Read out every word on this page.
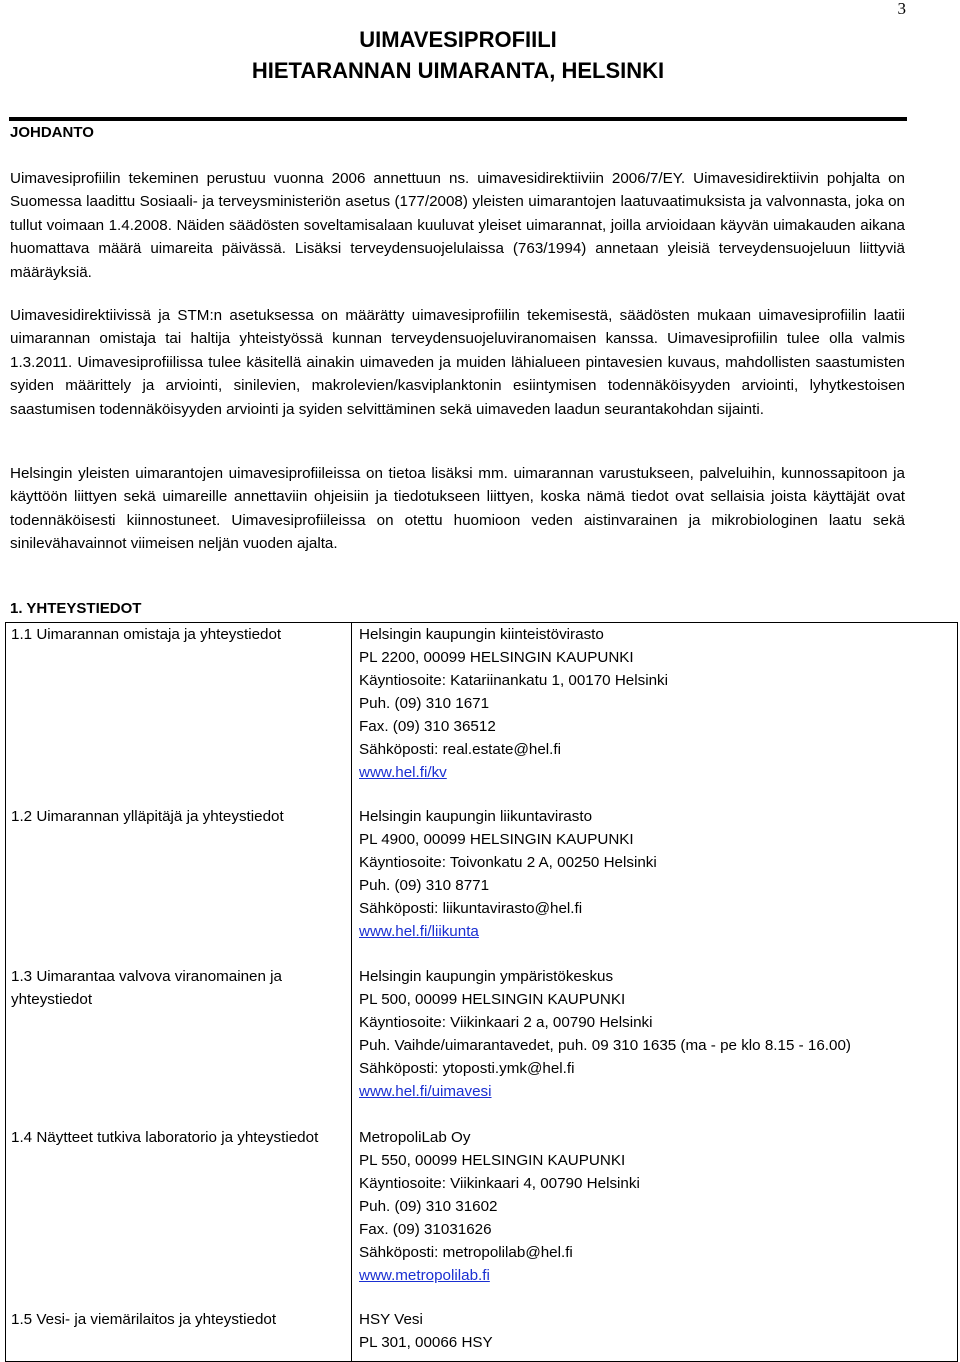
3
UIMAVESIPROFIILI
HIETARANNAN UIMARANTA, HELSINKI
JOHDANTO
Uimavesiprofiilin tekeminen perustuu vuonna 2006 annettuun ns. uimavesidirektiiviin 2006/7/EY. Uimavesidirektiivin pohjalta on Suomessa laadittu Sosiaali- ja terveysministeriön asetus (177/2008) yleisten uimarantojen laatuvaatimuksista ja valvonnasta, joka on tullut voimaan 1.4.2008. Näiden säädösten soveltamisalaan kuuluvat yleiset uimarannat, joilla arvioidaan käyvän uimakauden aikana huomattava määrä uimareita päivässä. Lisäksi terveydensuojelulaissa (763/1994) annetaan yleisiä terveydensuojeluun liittyviä määräyksiä.
Uimavesidirektiivissä ja STM:n asetuksessa on määrätty uimavesiprofiilin tekemisestä, säädösten mukaan uimavesiprofiilin laatii uimarannan omistaja tai haltija yhteistyössä kunnan terveydensuojeluviranomaisen kanssa. Uimavesiprofiilin tulee olla valmis 1.3.2011. Uimavesiprofiilissa tulee käsitellä ainakin uimaveden ja muiden lähialueen pintavesien kuvaus, mahdollisten saastumisten syiden määrittely ja arviointi, sinilevien, makrolevien/kasviplanktonin esiintymisen todennäköisyyden arviointi, lyhytkestoisen saastumisen todennäköisyyden arviointi ja syiden selvittäminen sekä uimaveden laadun seurantakohdan sijainti.
Helsingin yleisten uimarantojen uimavesiprofiileissa on tietoa lisäksi mm. uimarannan varustukseen, palveluihin, kunnossapitoon ja käyttöön liittyen sekä uimareille annettaviin ohjeisiin ja tiedotukseen liittyen, koska nämä tiedot ovat sellaisia joista käyttäjät ovat todennäköisesti kiinnostuneet. Uimavesiprofiileissa on otettu huomioon veden aistinvarainen ja mikrobiologinen laatu sekä sinilevähavainnot viimeisen neljän vuoden ajalta.
1. YHTEYSTIEDOT
1.1 Uimarannan omistaja ja yhteystiedot	Helsingin kaupungin kiinteistövirasto
PL 2200, 00099 HELSINGIN KAUPUNKI
Käyntiosoite: Katariinankatu 1, 00170 Helsinki
Puh. (09) 310 1671
Fax. (09) 310 36512
Sähköposti: real.estate@hel.fi
www.hel.fi/kv
1.2 Uimarannan ylläpitäjä ja yhteystiedot	Helsingin kaupungin liikuntavirasto
PL 4900, 00099 HELSINGIN KAUPUNKI
Käyntiosoite: Toivonkatu 2 A, 00250 Helsinki
Puh. (09) 310 8771
Sähköposti: liikuntavirasto@hel.fi
www.hel.fi/liikunta
1.3 Uimarantaa valvova viranomainen ja yhteystiedot
Helsingin kaupungin ympäristökeskus
PL 500, 00099 HELSINGIN KAUPUNKI
Käyntiosoite: Viikinkaari 2 a, 00790 Helsinki
Puh. Vaihde/uimarantavedet, puh. 09 310 1635 (ma - pe klo 8.15 - 16.00)
Sähköposti: ytoposti.ymk@hel.fi
www.hel.fi/uimavesi
1.4 Näytteet tutkiva laboratorio ja yhteystiedot	MetropoliLab Oy
PL 550, 00099 HELSINGIN KAUPUNKI
Käyntiosoite: Viikinkaari 4, 00790 Helsinki
Puh. (09) 310 31602
Fax. (09) 31031626
Sähköposti: metropolilab@hel.fi
www.metropolilab.fi
1.5 Vesi- ja viemärilaitos ja yhteystiedot	HSY Vesi
PL 301, 00066 HSY
